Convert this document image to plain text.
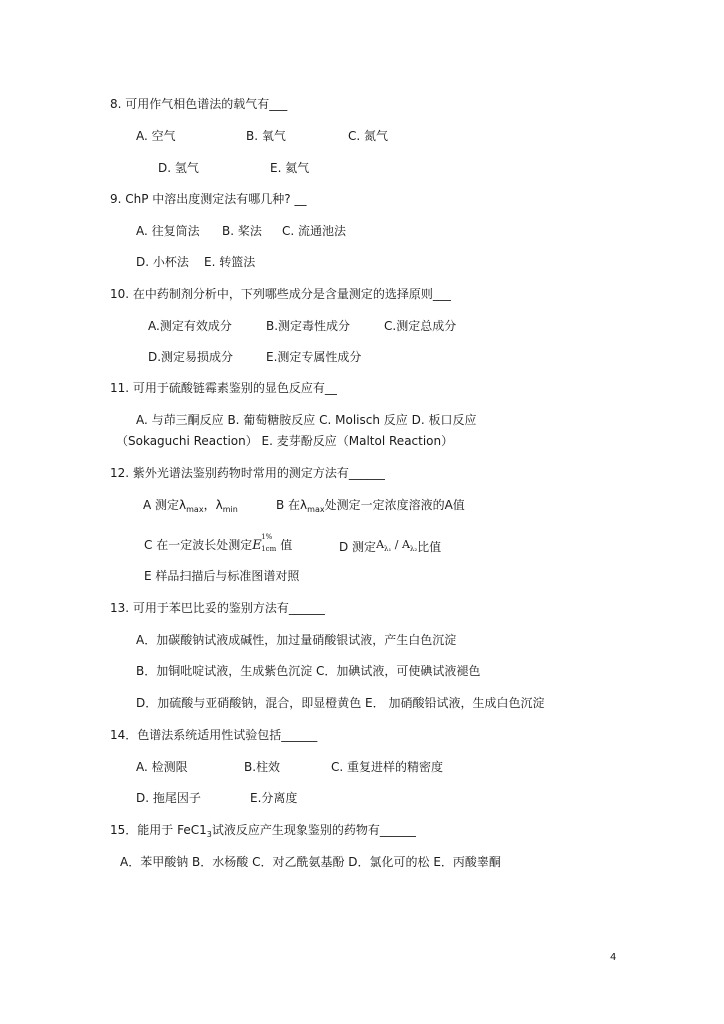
8. 可用作气相色谱法的载气有___
A. 空气	B. 氧气	C. 氮气
D. 氢气	E. 氦气
9. ChP 中溶出度测定法有哪几种? __
A. 往复筒法 B. 桨法 C. 流通池法
D. 小杯法 E. 转篮法
10. 在中药制剂分析中，下列哪些成分是含量测定的选择原则___
A.测定有效成分	B.测定毒性成分	C.测定总成分
D.测定易损成分	E.测定专属性成分
11. 可用于硫酸链霉素鉴别的显色反应有__
A. 与茚三酮反应 B. 葡萄糖胺反应 C. Molisch 反应 D. 板口反应
（Sokaguchi Reaction） E. 麦芽酚反应（Maltol Reaction）
12. 紫外光谱法鉴别药物时常用的测定方法有______
A 测定$\lambda_{max}$，$\lambda_{min}$	B 在$\lambda_{max}$处测定一定浓度溶液的A值
C 在一定波长处测定E
1%
1cm 值	D 测定$A_{\lambda_1} / A_{\lambda_2}$比值
E 样品扫描后与标准图谱对照
13. 可用于苯巴比妥的鉴别方法有______
A．加碳酸钠试液成碱性，加过量硝酸银试液，产生白色沉淀
B．加铜吡啶试液，生成紫色沉淀 C．加碘试液，可使碘试液褪色
D．加硫酸与亚硝酸钠，混合，即显橙黄色 E． 加硝酸铅试液，生成白色沉淀
14．色谱法系统适用性试验包括______
A. 检测限	B.柱效	C. 重复进样的精密度
D. 拖尾因子	E.分离度
15．能用于 $FeC1_3$试液反应产生现象鉴别的药物有______
A．苯甲酸钠 B．水杨酸 C．对乙酰氨基酚 D．氯化可的松 E．丙酸睾酮
4
